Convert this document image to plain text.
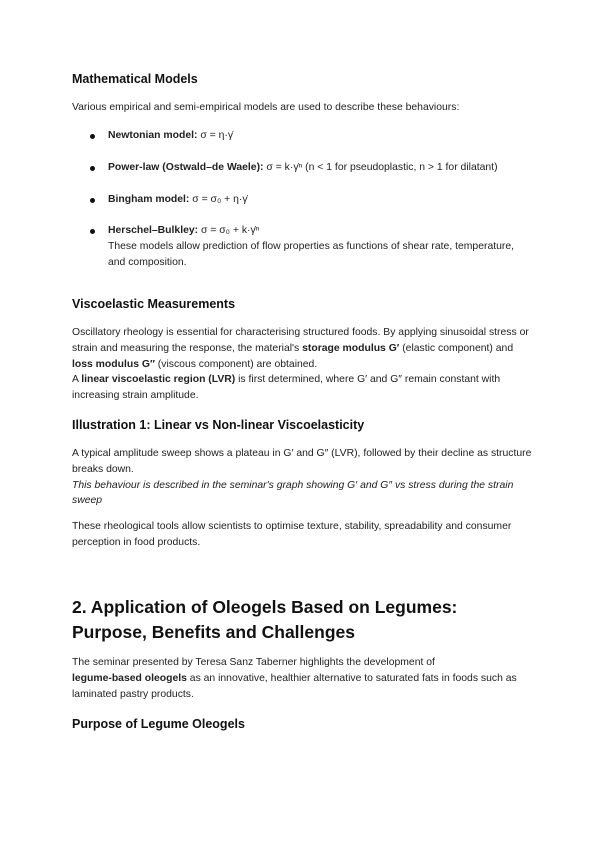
Mathematical Models

Various empirical and semi-empirical models are used to describe these behaviours:

Newtonian model: σ = η·γ̇
Power-law (Ostwald–de Waele): σ = k·γ̇ⁿ (n < 1 for pseudoplastic, n > 1 for dilatant)
Bingham model: σ = σ₀ + η·γ̇
Herschel–Bulkley: σ = σ₀ + k·γ̇ⁿ
These models allow prediction of flow properties as functions of shear rate, temperature, and composition.
Viscoelastic Measurements

Oscillatory rheology is essential for characterising structured foods. By applying sinusoidal stress or strain and measuring the response, the material's storage modulus G′ (elastic component) and loss modulus G″ (viscous component) are obtained.
A linear viscoelastic region (LVR) is first determined, where G′ and G″ remain constant with increasing strain amplitude.

Illustration 1: Linear vs Non-linear Viscoelasticity

A typical amplitude sweep shows a plateau in G′ and G″ (LVR), followed by their decline as structure breaks down.
This behaviour is described in the seminar's graph showing G′ and G″ vs stress during the strain sweep

These rheological tools allow scientists to optimise texture, stability, spreadability and consumer perception in food products.

2. Application of Oleogels Based on Legumes: Purpose, Benefits and Challenges

The seminar presented by Teresa Sanz Taberner highlights the development of
legume-based oleogels as an innovative, healthier alternative to saturated fats in foods such as laminated pastry products.

Purpose of Legume Oleogels
